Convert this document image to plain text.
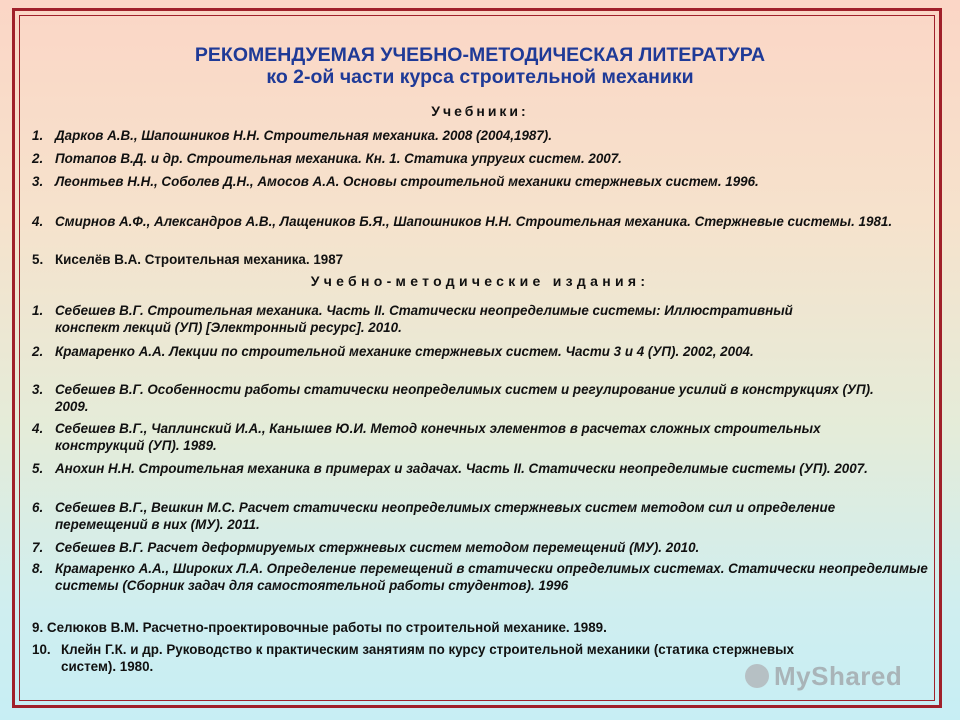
РЕКОМЕНДУЕМАЯ УЧЕБНО-МЕТОДИЧЕСКАЯ ЛИТЕРАТУРА
ко 2-ой части курса строительной механики
Учебники:
1. Дарков А.В., Шапошников Н.Н. Строительная механика. 2008 (2004,1987).
2. Потапов В.Д. и др. Строительная механика. Кн. 1. Статика упругих систем. 2007.
3. Леонтьев Н.Н., Соболев Д.Н., Амосов А.А. Основы строительной механики стержневых систем. 1996.
4. Смирнов А.Ф., Александров А.В., Лащеников Б.Я., Шапошников Н.Н. Строительная механика. Стержневые системы. 1981.
5. Киселёв В.А. Строительная механика. 1987
Учебно-методические издания:
1. Себешев В.Г. Строительная механика. Часть II. Статически неопределимые системы: Иллюстративный конспект лекций (УП) [Электронный ресурс]. 2010.
2. Крамаренко А.А. Лекции по строительной механике стержневых систем. Части 3 и 4 (УП). 2002, 2004.
3. Себешев В.Г. Особенности работы статически неопределимых систем и регулирование усилий в конструкциях (УП). 2009.
4. Себешев В.Г., Чаплинский И.А., Канышев Ю.И. Метод конечных элементов в расчетах сложных строительных конструкций (УП). 1989.
5. Анохин Н.Н. Строительная механика в примерах и задачах. Часть II. Статически неопределимые системы (УП). 2007.
6. Себешев В.Г., Вешкин М.С. Расчет статически неопределимых стержневых систем методом сил и определение перемещений в них (МУ). 2011.
7. Себешев В.Г. Расчет деформируемых стержневых систем методом перемещений (МУ). 2010.
8. Крамаренко А.А., Широких Л.А. Определение перемещений в статически определимых системах. Статически неопределимые системы (Сборник задач для самостоятельной работы студентов). 1996
9. Селюков В.М. Расчетно-проектировочные работы по строительной механике. 1989.
10. Клейн Г.К. и др. Руководство к практическим занятиям по курсу строительной механики (статика стержневых систем). 1980.	MyShared
